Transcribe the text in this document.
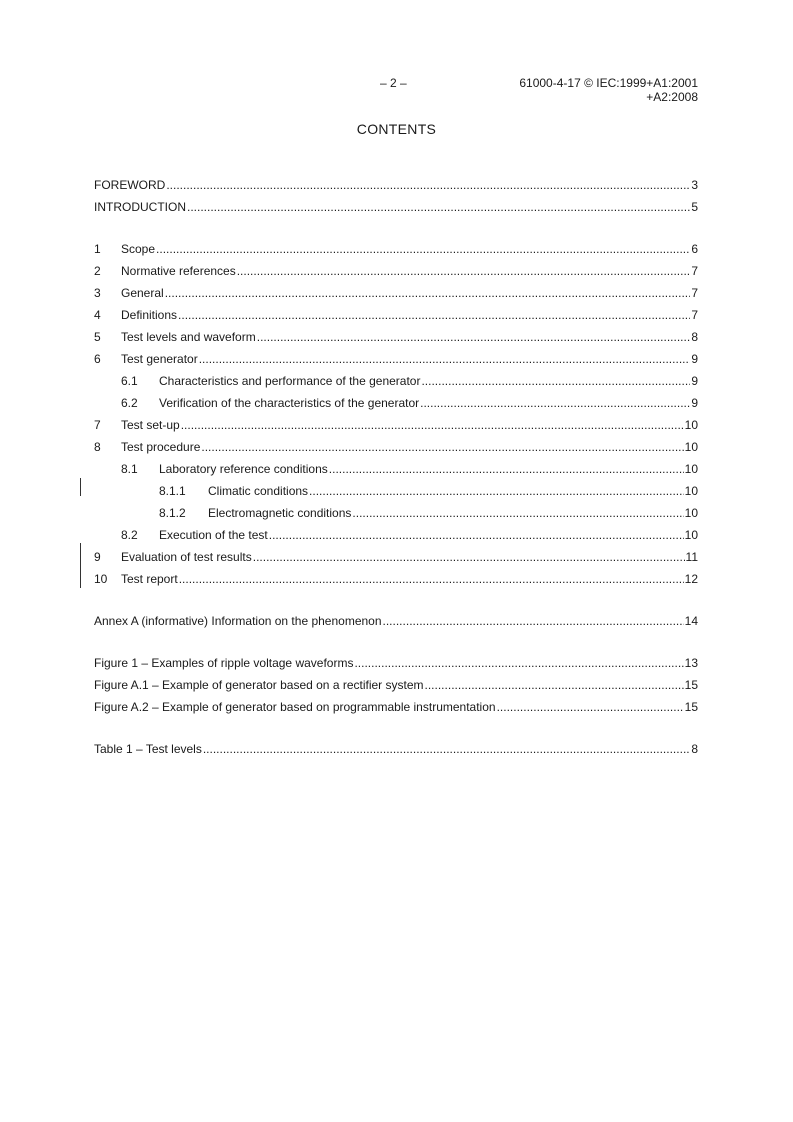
– 2 –	61000-4-17 © IEC:1999+A1:2001
+A2:2008
CONTENTS
FOREWORD .....	3
INTRODUCTION .....	5
1	Scope .....	6
2	Normative references .....	7
3	General .....	7
4	Definitions .....	7
5	Test levels and waveform .....	8
6	Test generator .....	9
6.1	Characteristics and performance of the generator .....	9
6.2	Verification of the characteristics of the generator .....	9
7	Test set-up .....	10
8	Test procedure .....	10
8.1	Laboratory reference conditions .....	10
8.1.1	Climatic conditions .....	10
8.1.2	Electromagnetic conditions .....	10
8.2	Execution of the test .....	10
9	Evaluation of test results .....	11
10	Test report .....	12
Annex A (informative) Information on the phenomenon .....	14
Figure 1 – Examples of ripple voltage waveforms .....	13
Figure A.1 – Example of generator based on a rectifier system .....	15
Figure A.2 – Example of generator based on programmable instrumentation .....	15
Table 1 – Test levels .....	8
